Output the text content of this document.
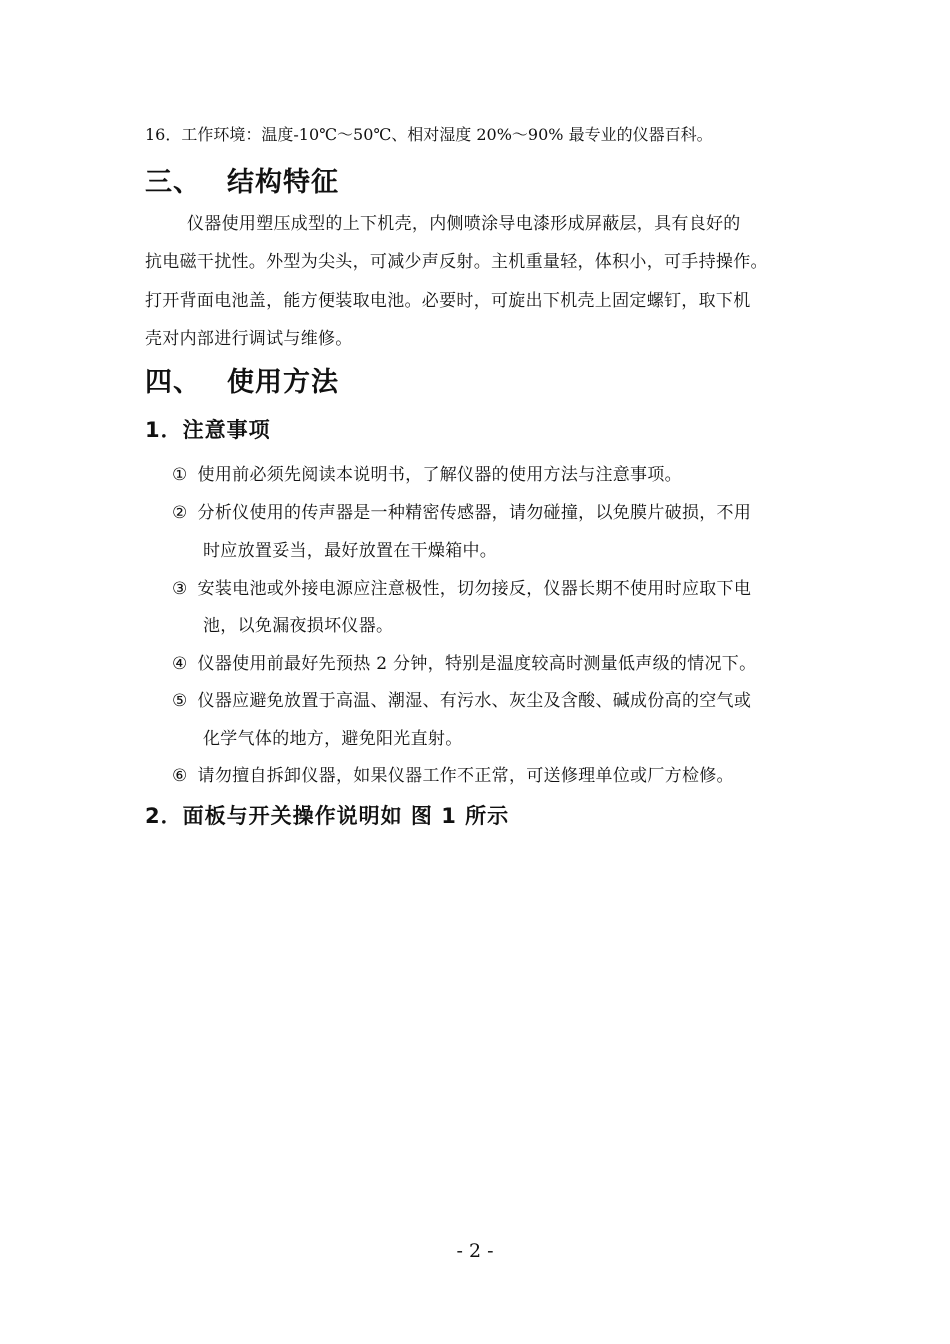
16．工作环境：温度-10℃～50℃、相对湿度 20%～90% 最专业的仪器百科。
三、 结构特征
仪器使用塑压成型的上下机壳，内侧喷涂导电漆形成屏蔽层，具有良好的
抗电磁干扰性。外型为尖头，可减少声反射。主机重量轻，体积小，可手持操作。
打开背面电池盖，能方便装取电池。必要时，可旋出下机壳上固定螺钉，取下机
壳对内部进行调试与维修。
四、 使用方法
1．注意事项
① 使用前必须先阅读本说明书，了解仪器的使用方法与注意事项。
② 分析仪使用的传声器是一种精密传感器，请勿碰撞，以免膜片破损，不用
时应放置妥当，最好放置在干燥箱中。
③ 安装电池或外接电源应注意极性，切勿接反，仪器长期不使用时应取下电
池，以免漏夜损坏仪器。
④ 仪器使用前最好先预热 2 分钟，特别是温度较高时测量低声级的情况下。
⑤ 仪器应避免放置于高温、潮湿、有污水、灰尘及含酸、碱成份高的空气或
化学气体的地方，避免阳光直射。
⑥ 请勿擅自拆卸仪器，如果仪器工作不正常，可送修理单位或厂方检修。
2．面板与开关操作说明如 图 1 所示
- 2 -
